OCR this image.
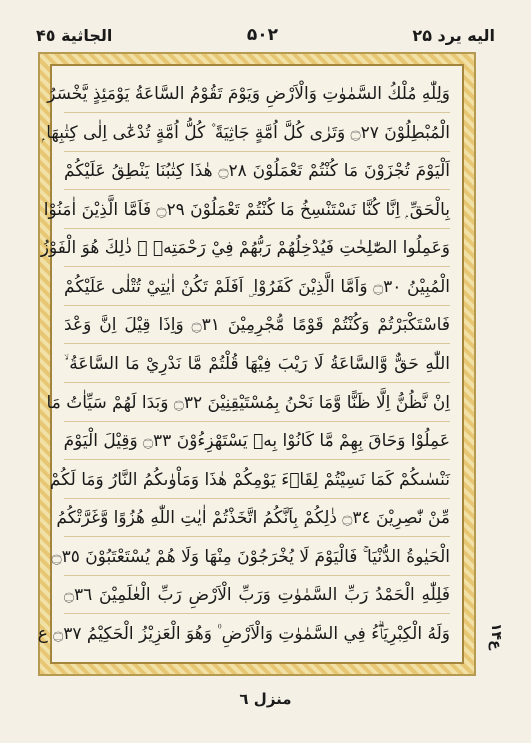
الجاثية ۴٥	۵۰۲	اليه يرد ۲۵
وَلِلّٰهِ مُلْكُ السَّمٰوٰتِ وَالْاَرْضِ وَيَوْمَ تَقُوْمُ السَّاعَةُ يَوْمَئِذٍ يَّخْسَرُ
الْمُبْطِلُوْنَ ۝٢٧ وَتَرٰى كُلَّ اُمَّةٍ جَاثِيَةً ۫ كُلُّ اُمَّةٍ تُدْعٰٓى اِلٰى كِتٰبِهَا ۭ
اَلْيَوْمَ تُجْزَوْنَ مَا كُنْتُمْ تَعْمَلُوْنَ ۝٢٨ هٰذَا كِتٰبُنَا يَنْطِقُ عَلَيْكُمْ
بِالْحَقِّ ۭ اِنَّا كُنَّا نَسْتَنْسِخُ مَا كُنْتُمْ تَعْمَلُوْنَ ۝٢٩ فَاَمَّا الَّذِيْنَ اٰمَنُوْا
وَعَمِلُوا الصّٰلِحٰتِ فَيُدْخِلُهُمْ رَبُّهُمْ فِيْ رَحْمَتِهٖ ۭ ذٰلِكَ هُوَ الْفَوْزُ
الْمُبِيْنُ ۝٣٠ وَاَمَّا الَّذِيْنَ كَفَرُوْا ۣ اَفَلَمْ تَكُنْ اٰيٰتِيْ تُتْلٰى عَلَيْكُمْ
فَاسْتَكْبَرْتُمْ وَكُنْتُمْ قَوْمًا مُّجْرِمِيْنَ ۝٣١ وَاِذَا قِيْلَ اِنَّ وَعْدَ
اللّٰهِ حَقٌّ وَّالسَّاعَةُ لَا رَيْبَ فِيْهَا قُلْتُمْ مَّا نَدْرِيْ مَا السَّاعَةُ ۙ
اِنْ نَّظُنُّ اِلَّا ظَنًّا وَّمَا نَحْنُ بِمُسْتَيْقِنِيْنَ ۝٣٢ وَبَدَا لَهُمْ سَيِّاٰتُ مَا
عَمِلُوْا وَحَاقَ بِهِمْ مَّا كَانُوْا بِهٖ يَسْتَهْزِءُوْنَ ۝٣٣ وَقِيْلَ الْيَوْمَ
نَنْسٰىكُمْ كَمَا نَسِيْتُمْ لِقَاۗءَ يَوْمِكُمْ هٰذَا وَمَاْوٰىكُمُ النَّارُ وَمَا لَكُمْ
مِّنْ نّٰصِرِيْنَ ۝٣٤ ذٰلِكُمْ بِاَنَّكُمُ اتَّخَذْتُمْ اٰيٰتِ اللّٰهِ هُزُوًا وَّغَرَّتْكُمُ
الْحَيٰوةُ الدُّنْيَا ۚ فَالْيَوْمَ لَا يُخْرَجُوْنَ مِنْهَا وَلَا هُمْ يُسْتَعْتَبُوْنَ ۝٣٥
فَلِلّٰهِ الْحَمْدُ رَبِّ السَّمٰوٰتِ وَرَبِّ الْاَرْضِ رَبِّ الْعٰلَمِيْنَ ۝٣٦
وَلَهُ الْكِبْرِيَاۗءُ فِي السَّمٰوٰتِ وَالْاَرْضِ ۠ وَهُوَ الْعَزِيْزُ الْحَكِيْمُ ۝٣٧ ع	ع۱۴
منزل ٦
